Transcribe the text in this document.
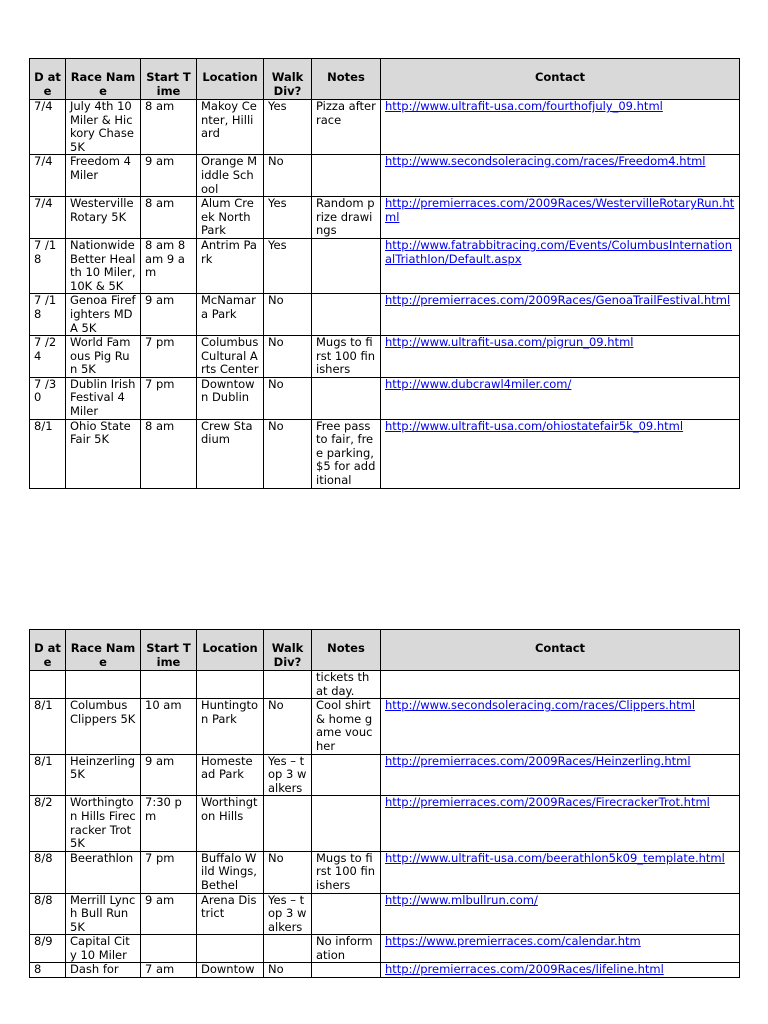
D ate	Race Name	Start Time	Location	Walk Div?	Notes	Contact
7/4	July 4th 10 Miler & Hickory Chase 5K	8 am	Makoy Center, Hilliard	Yes	Pizza after race	http://www.ultrafit-usa.com/fourthofjuly_09.html
7/4	Freedom 4 Miler	9 am	Orange Middle School	No		http://www.secondsoleracing.com/races/Freedom4.html
7/4	Westerville Rotary 5K	8 am	Alum Creek North Park	Yes	Random prize drawings	http://premierraces.com/2009Races/WestervilleRotaryRun.html
7 /18	Nationwide Better Health 10 Miler, 10K & 5K	8 am 8 am 9 am	Antrim Park	Yes		http://www.fatrabbitracing.com/Events/ColumbusInternationalTriathlon/Default.aspx
7 /18	Genoa Firefighters MDA 5K	9 am	McNamara Park	No		http://premierraces.com/2009Races/GenoaTrailFestival.html
7 /24	World Famous Pig Run 5K	7 pm	Columbus Cultural Arts Center	No	Mugs to first 100 finishers	http://www.ultrafit-usa.com/pigrun_09.html
7 /30	Dublin Irish Festival 4 Miler	7 pm	Downtown Dublin	No		http://www.dubcrawl4miler.com/
8/1	Ohio State Fair 5K	8 am	Crew Stadium	No	Free pass to fair, free parking, $5 for additional	http://www.ultrafit-usa.com/ohiostatefair5k_09.html
D ate	Race Name	Start Time	Location	Walk Div?	Notes	Contact
					tickets that day.	
8/1	Columbus Clippers 5K	10 am	Huntington Park	No	Cool shirt & home game voucher	http://www.secondsoleracing.com/races/Clippers.html
8/1	Heinzerling 5K	9 am	Homestead Park	Yes – top 3 walkers		http://premierraces.com/2009Races/Heinzerling.html
8/2	Worthington Hills Firecracker Trot 5K	7:30 pm	Worthington Hills			http://premierraces.com/2009Races/FirecrackerTrot.html
8/8	Beerathlon	7 pm	Buffalo Wild Wings, Bethel	No	Mugs to first 100 finishers	http://www.ultrafit-usa.com/beerathlon5k09_template.html
8/8	Merrill Lynch Bull Run 5K	9 am	Arena District	Yes – top 3 walkers		http://www.mlbullrun.com/
8/9	Capital City 10 Miler				No information	https://www.premierraces.com/calendar.htm
8	Dash for	7 am	Downtow	No		http://premierraces.com/2009Races/lifeline.html
